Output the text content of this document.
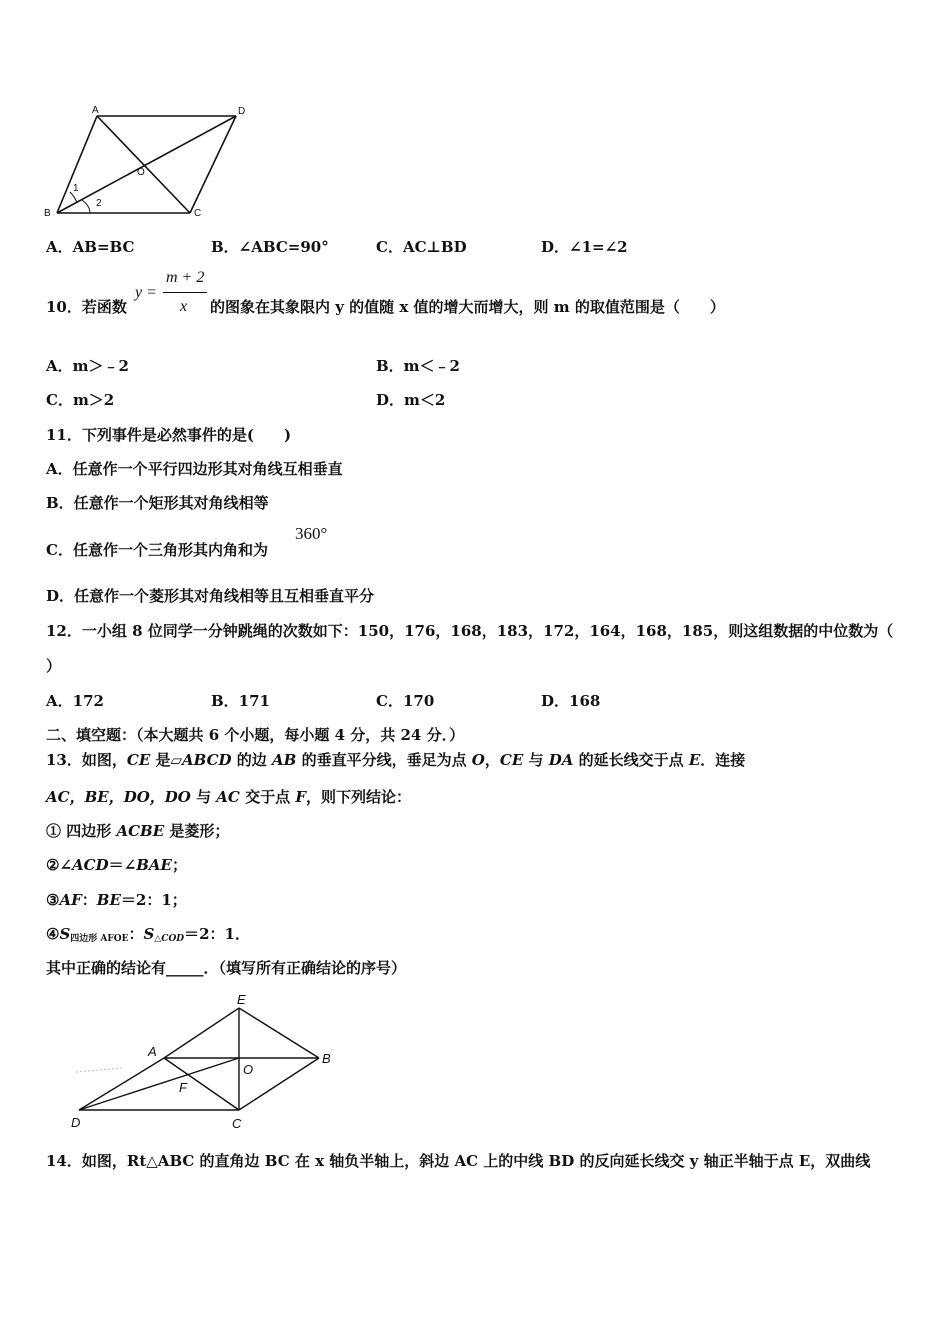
A	D
B	C
O
1
2
A．AB=BC	B．∠ABC=90°	C．AC⊥BD	D．∠1=∠2
10．若函数
y =
m + 2
x 的图象在其象限内 y 的值随 x 值的增大而增大，则 m 的取值范围是（　　）
A．m＞﹣2	B．m＜﹣2
C．m＞2	D．m＜2
11．下列事件是必然事件的是(　　)
A．任意作一个平行四边形其对角线互相垂直
B．任意作一个矩形其对角线相等
C．任意作一个三角形其内角和为
360°
D．任意作一个菱形其对角线相等且互相垂直平分
12．一小组 8 位同学一分钟跳绳的次数如下：150，176，168，183，172，164，168，185，则这组数据的中位数为（
）
A．172	B．171	C．170	D．168
二、填空题：（本大题共 6 个小题，每小题 4 分，共 24 分．）
13．如图，CE 是▱ABCD 的边 AB 的垂直平分线，垂足为点 O，CE 与 DA 的延长线交于点 E．连接
AC，BE，DO，DO 与 AC 交于点 F，则下列结论：
① 四边形 ACBE 是菱形；
②∠ACD＝∠BAE；
③AF：BE＝2：1；
$④S_{四边形 AFOE}$：$S_{\triangle COD}=2$：1．
其中正确的结论有_____．（填写所有正确结论的序号）
E
A
O
B
F
D	C
14．如图，Rt△ABC 的直角边 BC 在 x 轴负半轴上，斜边 AC 上的中线 BD 的反向延长线交 y 轴正半轴于点 E，双曲线
